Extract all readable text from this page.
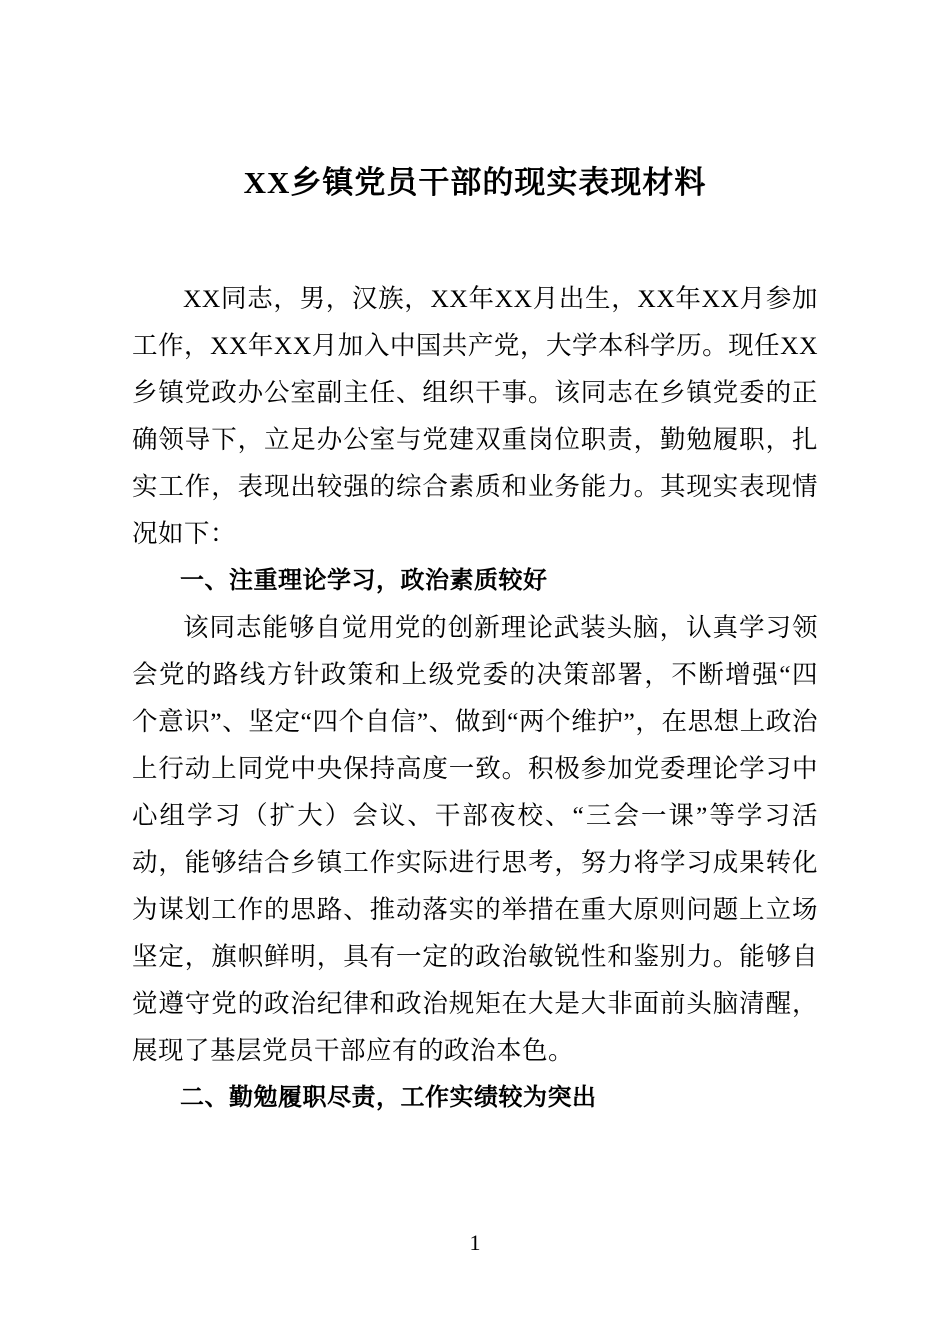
XX乡镇党员干部的现实表现材料

XX同志，男，汉族，XX年XX月出生，XX年XX月参加工作，XX年XX月加入中国共产党，大学本科学历。现任XX乡镇党政办公室副主任、组织干事。该同志在乡镇党委的正确领导下，立足办公室与党建双重岗位职责，勤勉履职，扎实工作，表现出较强的综合素质和业务能力。其现实表现情况如下：

一、注重理论学习，政治素质较好

该同志能够自觉用党的创新理论武装头脑，认真学习领会党的路线方针政策和上级党委的决策部署，不断增强“四个意识”、坚定“四个自信”、做到“两个维护”，在思想上政治上行动上同党中央保持高度一致。积极参加党委理论学习中心组学习（扩大）会议、干部夜校、“三会一课”等学习活动，能够结合乡镇工作实际进行思考，努力将学习成果转化为谋划工作的思路、推动落实的举措在重大原则问题上立场坚定，旗帜鲜明，具有一定的政治敏锐性和鉴别力。能够自觉遵守党的政治纪律和政治规矩在大是大非面前头脑清醒，展现了基层党员干部应有的政治本色。

二、勤勉履职尽责，工作实绩较为突出

1
